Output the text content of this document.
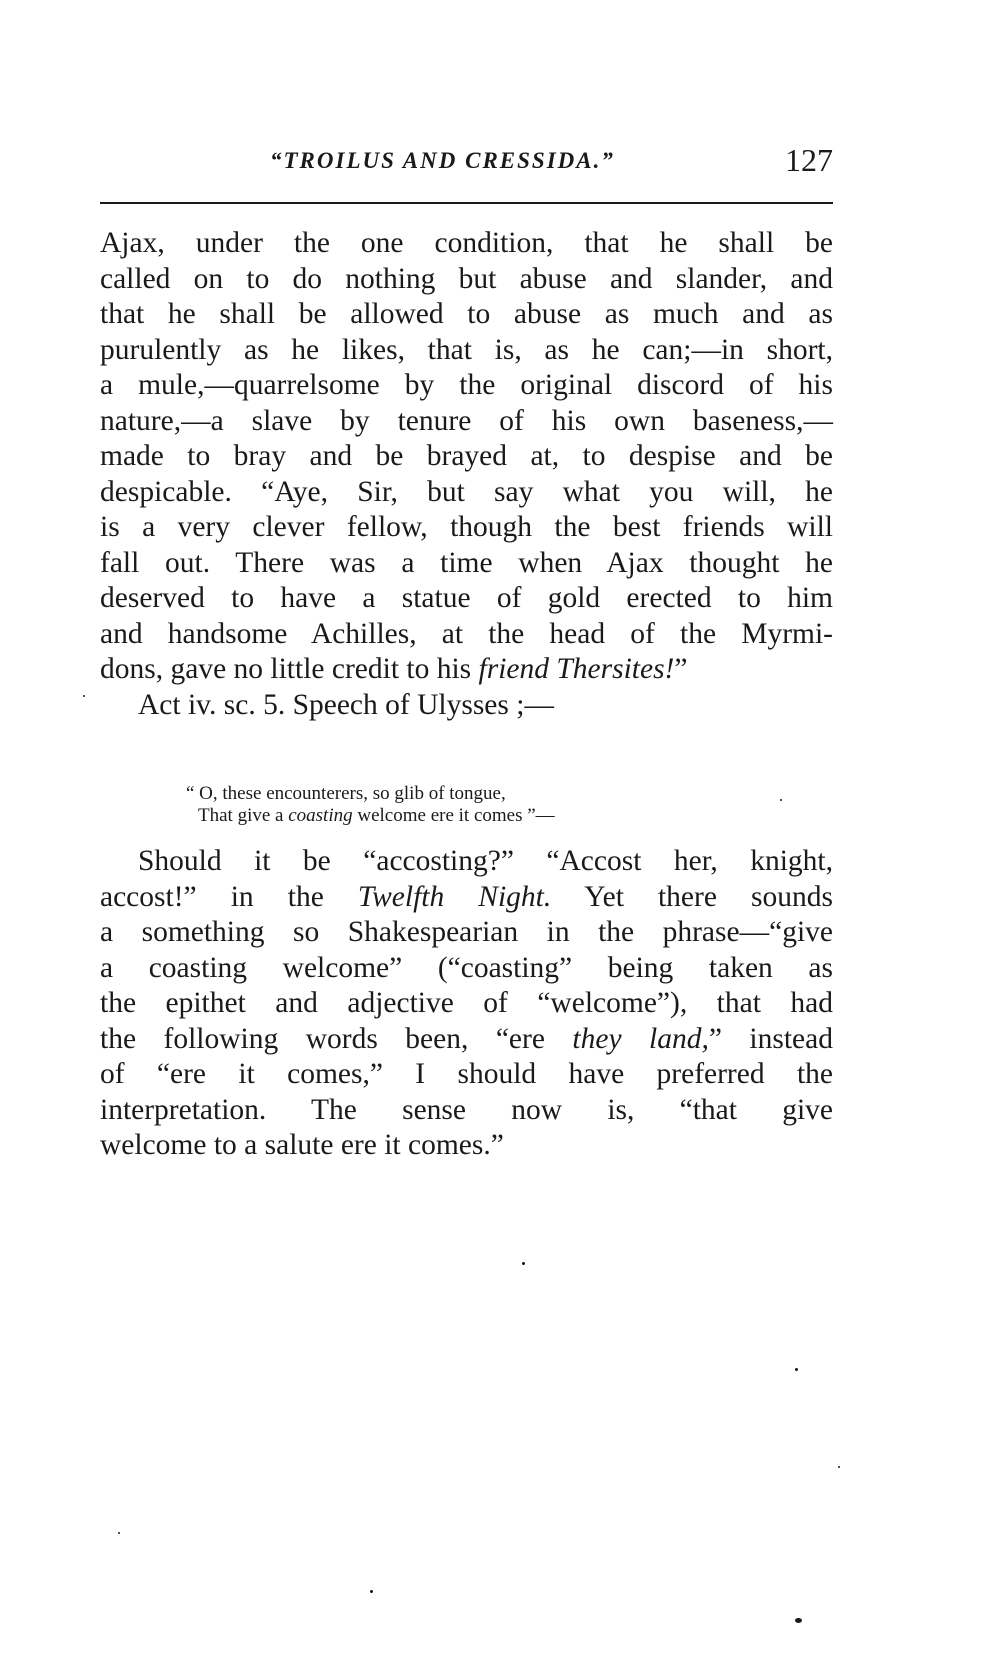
“TROILUS AND CRESSIDA.”	127

Ajax, under the one condition, that he shall be
called on to do nothing but abuse and slander, and
that he shall be allowed to abuse as much and as
purulently as he likes, that is, as he can;—in short,
a mule,—quarrelsome by the original discord of his
nature,—a slave by tenure of his own baseness,—
made to bray and be brayed at, to despise and be
despicable. “Aye, Sir, but say what you will, he
is a very clever fellow, though the best friends will
fall out. There was a time when Ajax thought he
deserved to have a statue of gold erected to him
and handsome Achilles, at the head of the Myrmi-
dons, gave no little credit to his friend Thersites!”

Act iv. sc. 5. Speech of Ulysses ;—

“ O, these encounterers, so glib of tongue,
That give a coasting welcome ere it comes ”—

Should it be “accosting?” “Accost her, knight,
accost!” in the Twelfth Night. Yet there sounds
a something so Shakespearian in the phrase—“give
a coasting welcome” (“coasting” being taken as
the epithet and adjective of “welcome”), that had
the following words been, “ere they land,” instead
of “ere it comes,” I should have preferred the
interpretation. The sense now is, “that give
welcome to a salute ere it comes.”
